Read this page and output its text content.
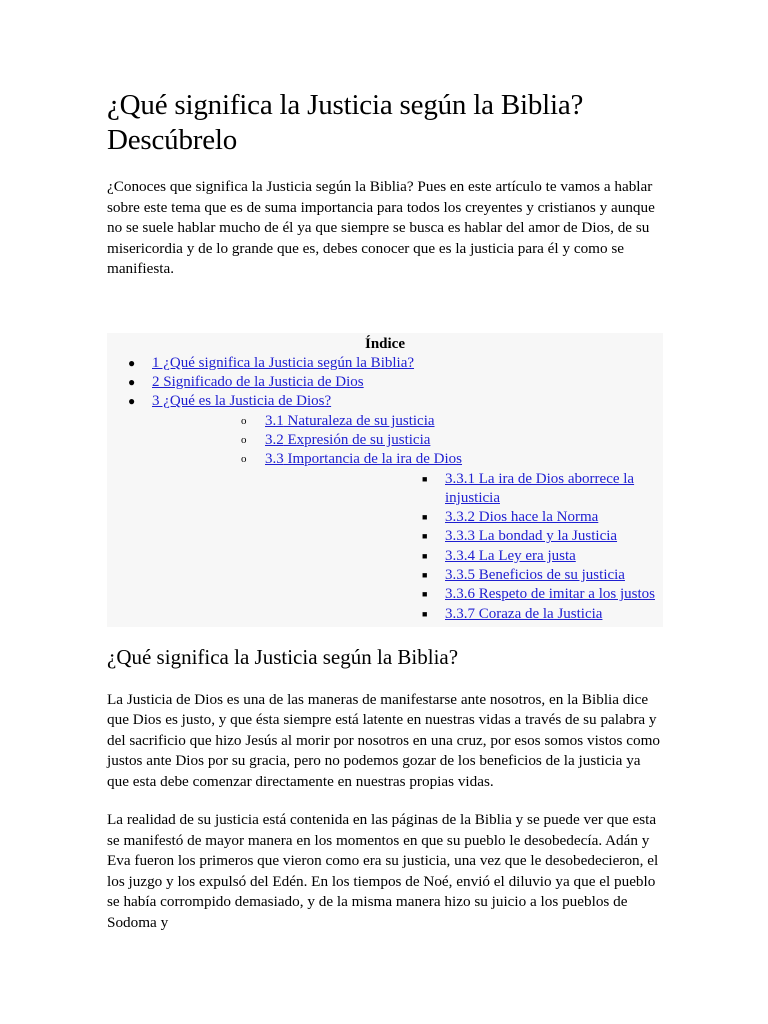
¿Qué significa la Justicia según la Biblia? Descúbrelo

¿Conoces que significa la Justicia según la Biblia? Pues en este artículo te vamos a hablar sobre este tema que es de suma importancia para todos los creyentes y cristianos y aunque no se suele hablar mucho de él ya que siempre se busca es hablar del amor de Dios, de su misericordia y de lo grande que es, debes conocer que es la justicia para él y como se manifiesta.

Índice
● 1 ¿Qué significa la Justicia según la Biblia?
● 2 Significado de la Justicia de Dios
● 3 ¿Qué es la Justicia de Dios?
o 3.1 Naturaleza de su justicia
o 3.2 Expresión de su justicia
o 3.3 Importancia de la ira de Dios
■ 3.3.1 La ira de Dios aborrece la injusticia
■ 3.3.2 Dios hace la Norma
■ 3.3.3 La bondad y la Justicia
■ 3.3.4 La Ley era justa
■ 3.3.5 Beneficios de su justicia
■ 3.3.6 Respeto de imitar a los justos
■ 3.3.7 Coraza de la Justicia
¿Qué significa la Justicia según la Biblia?

La Justicia de Dios es una de las maneras de manifestarse ante nosotros, en la Biblia dice que Dios es justo, y que ésta siempre está latente en nuestras vidas a través de su palabra y del sacrificio que hizo Jesús al morir por nosotros en una cruz, por esos somos vistos como justos ante Dios por su gracia, pero no podemos gozar de los beneficios de la justicia ya que esta debe comenzar directamente en nuestras propias vidas.

La realidad de su justicia está contenida en las páginas de la Biblia y se puede ver que esta se manifestó de mayor manera en los momentos en que su pueblo le desobedecía. Adán y Eva fueron los primeros que vieron como era su justicia, una vez que le desobedecieron, el los juzgo y los expulsó del Edén. En los tiempos de Noé, envió el diluvio ya que el pueblo se había corrompido demasiado, y de la misma manera hizo su juicio a los pueblos de Sodoma y
